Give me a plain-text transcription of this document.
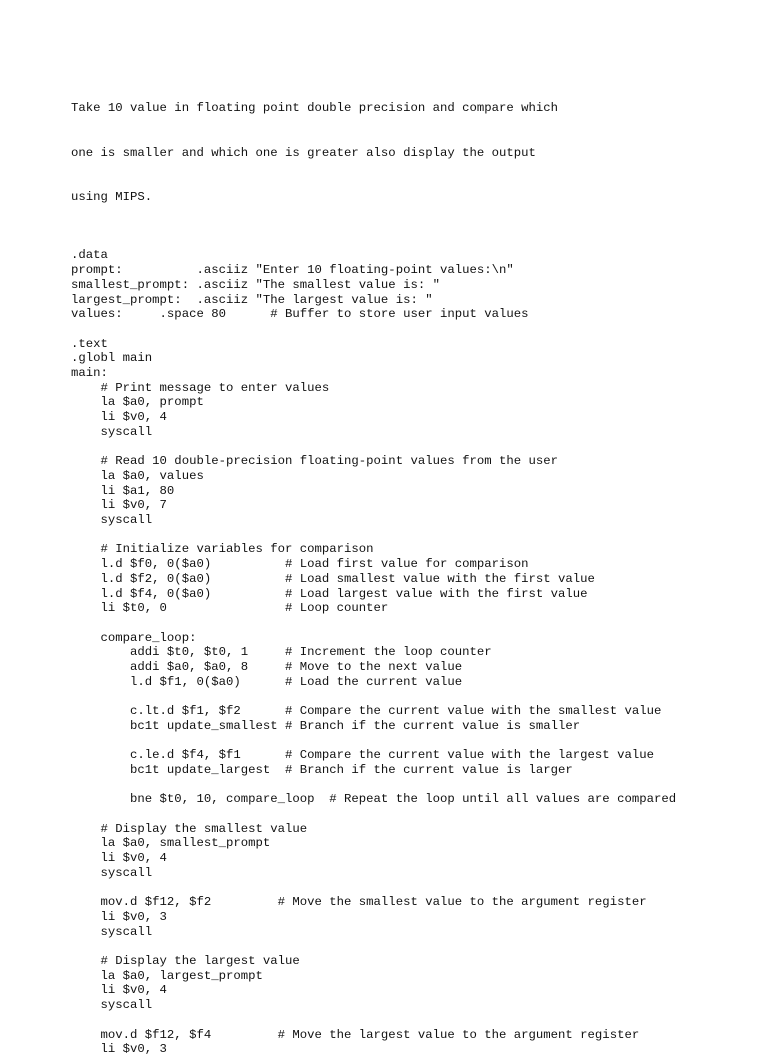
Take 10 value in floating point double precision and compare which

one is smaller and which one is greater also display the output

using MIPS.

.data
prompt:          .asciiz "Enter 10 floating-point values:\n"
smallest_prompt: .asciiz "The smallest value is: "
largest_prompt:  .asciiz "The largest value is: "
values:     .space 80      # Buffer to store user input values
.text
.globl main
main:
# Print message to enter values
la $a0, prompt
li $v0, 4
syscall
# Read 10 double-precision floating-point values from the user
la $a0, values
li $a1, 80
li $v0, 7
syscall
# Initialize variables for comparison
l.d $f0, 0($a0)          # Load first value for comparison
l.d $f2, 0($a0)          # Load smallest value with the first value
l.d $f4, 0($a0)          # Load largest value with the first value
li $t0, 0                # Loop counter
compare_loop:
addi $t0, $t0, 1     # Increment the loop counter
addi $a0, $a0, 8     # Move to the next value
l.d $f1, 0($a0)      # Load the current value
c.lt.d $f1, $f2      # Compare the current value with the smallest value
bc1t update_smallest # Branch if the current value is smaller
c.le.d $f4, $f1      # Compare the current value with the largest value
bc1t update_largest  # Branch if the current value is larger
bne $t0, 10, compare_loop  # Repeat the loop until all values are compared
# Display the smallest value
la $a0, smallest_prompt
li $v0, 4
syscall
mov.d $f12, $f2         # Move the smallest value to the argument register
li $v0, 3
syscall
# Display the largest value
la $a0, largest_prompt
li $v0, 4
syscall
mov.d $f12, $f4         # Move the largest value to the argument register
li $v0, 3
